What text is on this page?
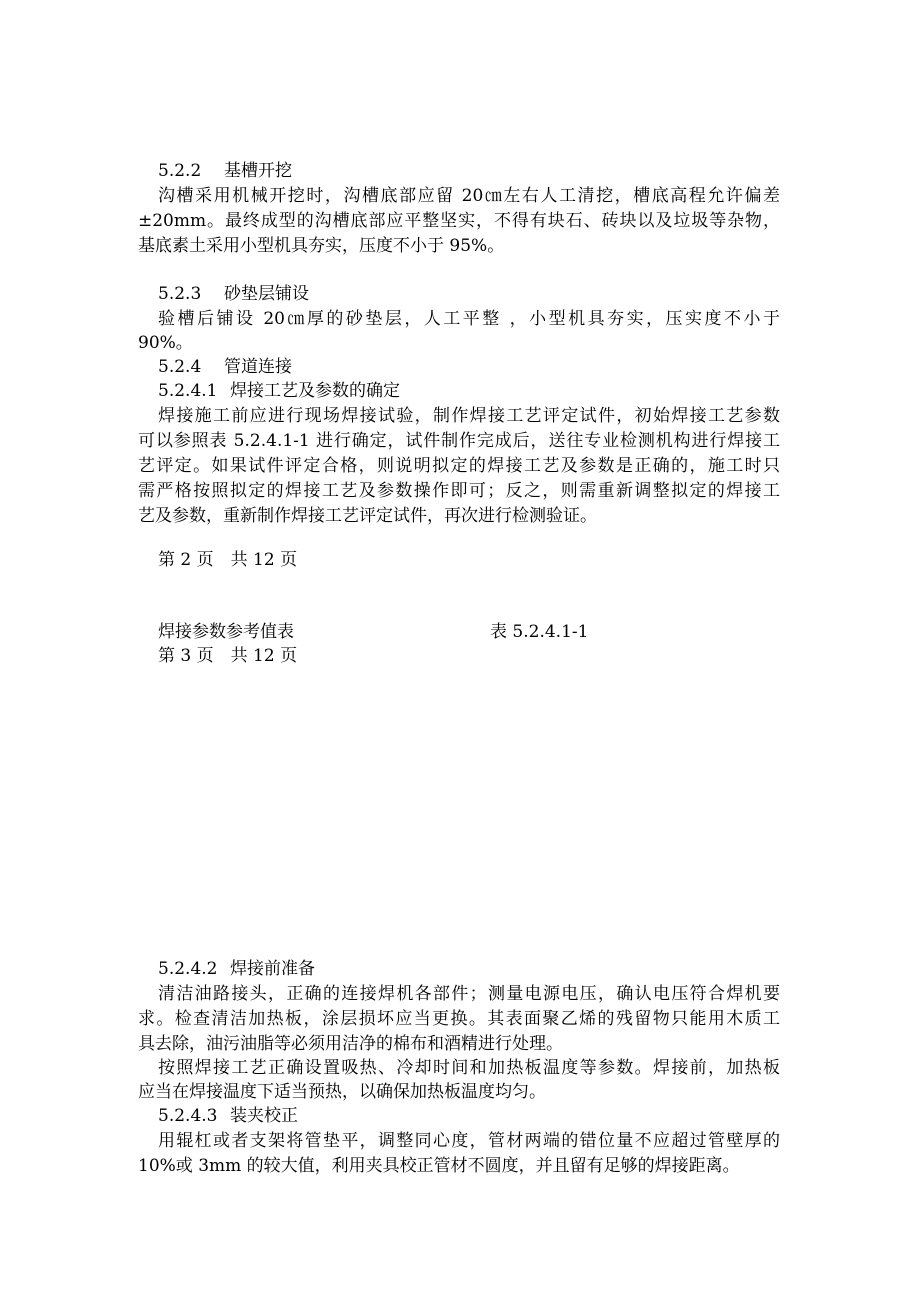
5.2.2 基槽开挖
沟槽采用机械开挖时，沟槽底部应留 20㎝左右人工清挖，槽底高程允许偏差
±20mm。最终成型的沟槽底部应平整坚实，不得有块石、砖块以及垃圾等杂物，
基底素土采用小型机具夯实，压度不小于 95%。
5.2.3 砂垫层铺设
验槽后铺设 20㎝厚的砂垫层，人工平整 ，小型机具夯实，压实度不小于
90%。
5.2.4 管道连接
5.2.4.1 焊接工艺及参数的确定
焊接施工前应进行现场焊接试验，制作焊接工艺评定试件，初始焊接工艺参数
可以参照表 5.2.4.1-1 进行确定，试件制作完成后，送往专业检测机构进行焊接工
艺评定。如果试件评定合格，则说明拟定的焊接工艺及参数是正确的，施工时只
需严格按照拟定的焊接工艺及参数操作即可；反之，则需重新调整拟定的焊接工
艺及参数，重新制作焊接工艺评定试件，再次进行检测验证。
第 2 页　共 12 页
焊接参数参考值表	表 5.2.4.1-1
第 3 页　共 12 页
5.2.4.2 焊接前准备
清洁油路接头，正确的连接焊机各部件；测量电源电压，确认电压符合焊机要
求。检查清洁加热板，涂层损坏应当更换。其表面聚乙烯的残留物只能用木质工
具去除，油污油脂等必须用洁净的棉布和酒精进行处理。
按照焊接工艺正确设置吸热、冷却时间和加热板温度等参数。焊接前，加热板
应当在焊接温度下适当预热，以确保加热板温度均匀。
5.2.4.3 装夹校正
用辊杠或者支架将管垫平，调整同心度，管材两端的错位量不应超过管壁厚的
10%或 3mm 的较大值，利用夹具校正管材不圆度，并且留有足够的焊接距离。
